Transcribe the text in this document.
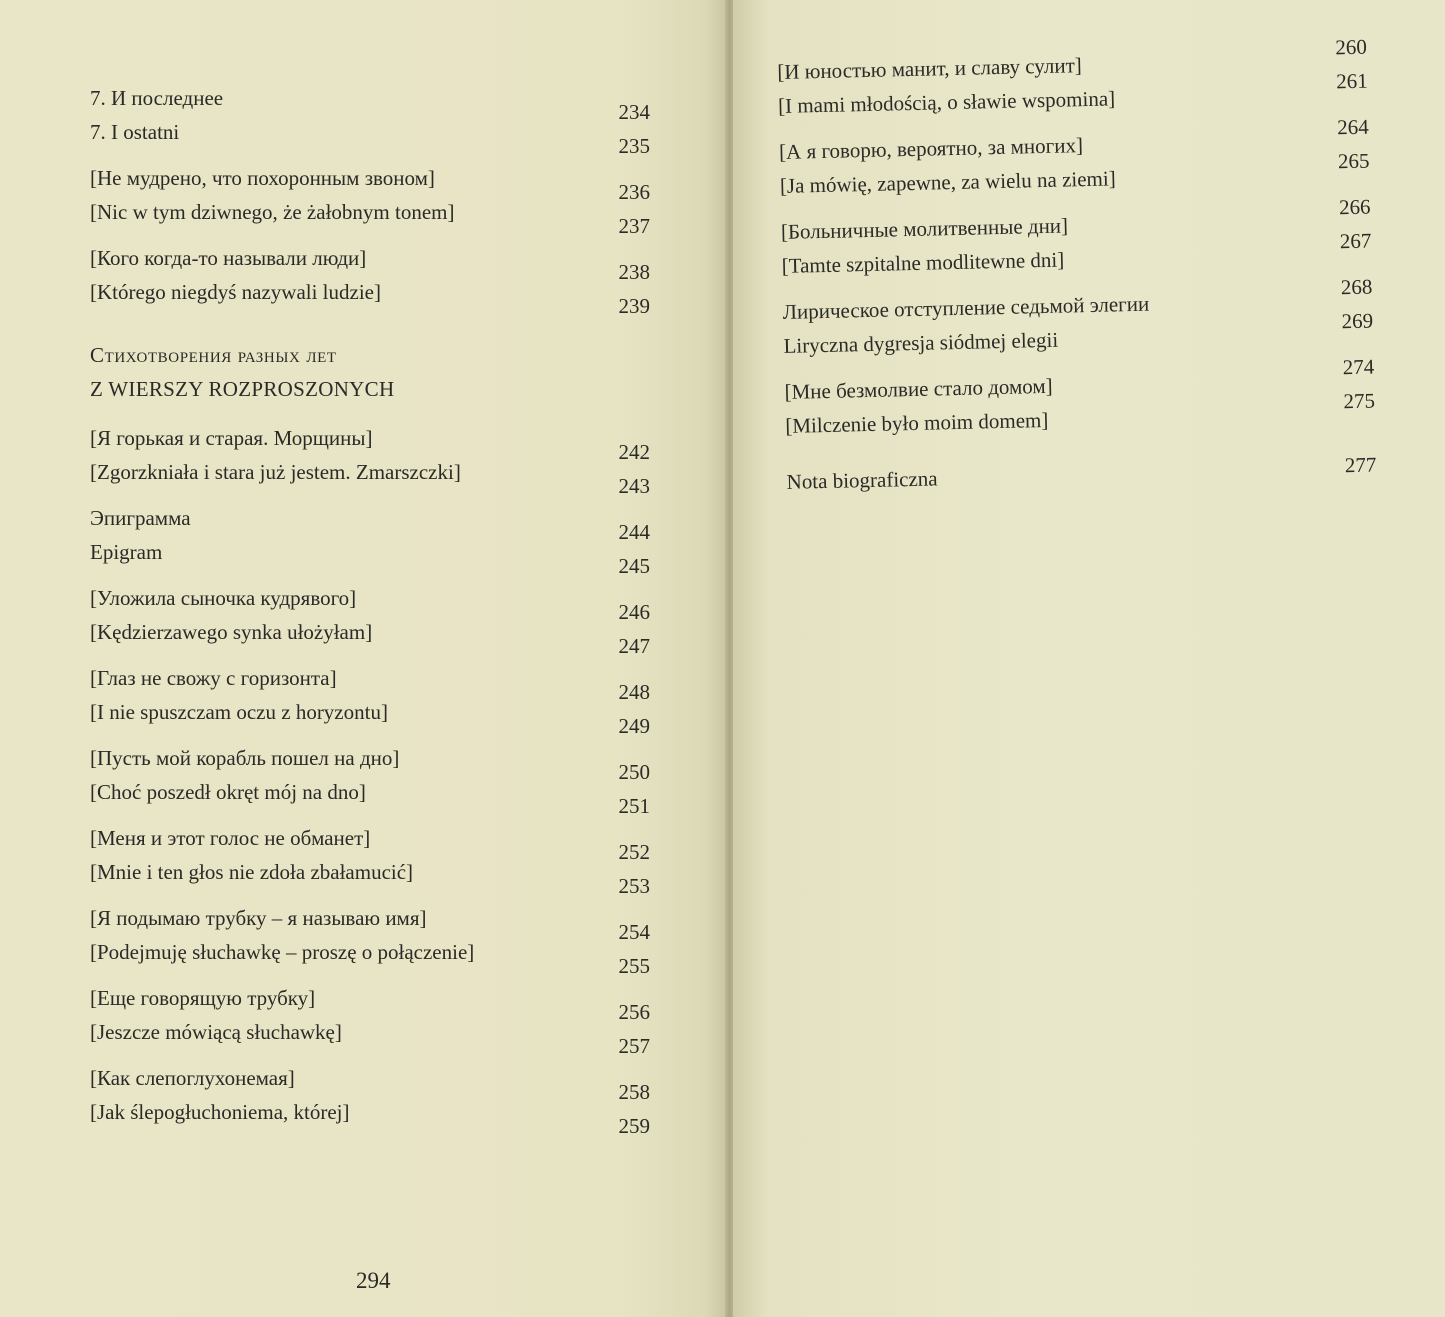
7. И последнее
234
7. I ostatni
235
[Не мудрено, что похоронным звоном]
236
[Nic w tym dziwnego, że żałobnym tonem]
237
[Кого когда-то называли люди]
238
[Którego niegdyś nazywali ludzie]
239
Стихотворения разных лет
Z WIERSZY ROZPROSZONYCH
[Я горькая и старая. Морщины]
242
[Zgorzkniała i stara już jestem. Zmarszczki]
243
Эпиграмма
244
Epigram
245
[Уложила сыночка кудрявого]
246
[Kędzierzawego synka ułożyłam]
247
[Глаз не свожу с горизонта]
248
[I nie spuszczam oczu z horyzontu]
249
[Пусть мой корабль пошел на дно]
250
[Choć poszedł okręt mój na dno]
251
[Меня и этот голос не обманет]
252
[Mnie i ten głos nie zdoła zbałamucić]
253
[Я подымаю трубку – я называю имя]
254
[Podejmuję słuchawkę – proszę o połączenie]
255
[Еще говорящую трубку]
256
[Jeszcze mówiącą słuchawkę]
257
[Как слепоглухонемая]
258
[Jak ślepogłuchoniema, której]
259
294
[И юностью манит, и славу сулит]
260
[I mami młodością, o sławie wspomina]
261
[А я говорю, вероятно, за многих]
264
[Ja mówię, zapewne, za wielu na ziemi]
265
[Больничные молитвенные дни]
266
[Tamte szpitalne modlitewne dni]
267
Лирическое отступление седьмой элегии
268
Liryczna dygresja siódmej elegii
269
[Мне безмолвие стало домом]
274
[Milczenie było moim domem]
275
Nota biograficzna
277
